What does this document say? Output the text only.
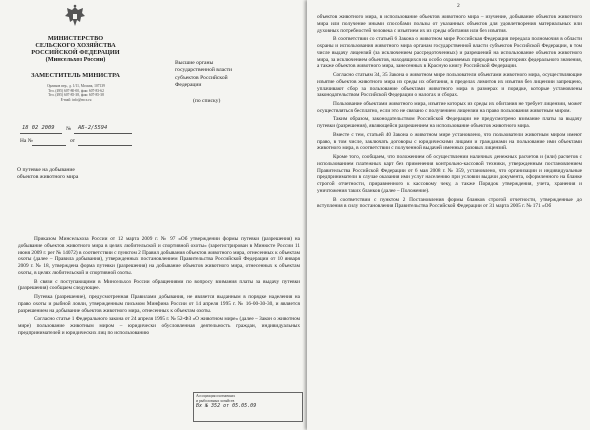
МИНИСТЕРСТВО
СЕЛЬСКОГО ХОЗЯЙСТВА
РОССИЙСКОЙ ФЕДЕРАЦИИ
(Минсельхоз России)
ЗАМЕСТИТЕЛЬ МИНИСТРА
Орликов пер., д. 1/11, Москва, 107139
Тел. (495) 607-80-00, факс 607-83-62
Тел. (495) 607-85-38, факс 607-85-38
E-mail: info@mcx.ru
18 02 2009 № АБ-2/5594
На №	от
Высшие органы
государственной власти
субъектов Российской
Федерации
(по списку)
О путевке на добывание
объектов животного мира

Приказом Минсельхоза России от 12 марта 2009 г. № 97 «Об утверждении формы путевки (разрешения) на добывание объектов животного мира в целях любительской и спортивной охоты» (зарегистрирован в Минюсте России 11 июня 2009 г. рег № 14072) в соответствии с пунктом 2 Правил добывания объектов животного мира, отнесенных к объектам охоты (далее – Правила добывания), утвержденных постановлением Правительства Российской Федерации от 10 января 2009 г. № 18, утверждена форма путевки (разрешения) на добывание объектов животного мира, отнесенных к объектам охоты, в целях любительской и спортивной охоты.

В связи с поступающими в Минсельхоз России обращениями по вопросу взимания платы за выдачу путевки (разрешения) сообщаем следующее.

Путевка (разрешение), предусмотренная Правилами добывания, не является выданным в порядке наделения на право охоты и рыбной ловли, утвержденным письмом Минфина России от 14 апреля 1995 г. № 16-00-30-30, и является разрешением на добывание объектов животного мира, отнесенных к объектам охоты.

Согласно статье 1 Федерального закона от 24 апреля 1995 г. № 52-ФЗ «О животном мире» (далее – Закон о животном мире) пользование животным миром – юридически обусловленная деятельность граждан, индивидуальных предпринимателей и юридических лиц по использованию

Ассоциация охотничьих
и рыболовных хозяйств
Вх № 352 от 05.05.09
2

объектов животного мира, в использование объектов животного мира – изучение, добывание объектов животного мира или получение иными способами пользы от указанных объектов для удовлетворения материальных или духовных потребностей человека с изъятием их из среды обитания или без изъятия.

В соответствии со статьей 6 Закона о животном мире Российская Федерация передала полномочия в области охраны и использования животного мира органам государственной власти субъектов Российской Федерации, в том числе выдачу лицензий (за исключением рассредоточенных) и разрешений на использование объектов животного мира, за исключением объектов, находящихся на особо охраняемых природных территориях федерального значения, а также объектов животного мира, занесенных в Красную книгу Российской Федерации.

Согласно статьям 34, 35 Закона о животном мире пользователи объектами животного мира, осуществляющие изъятие объектов животного мира из среды их обитания, в пределах лимитов их изъятия без лицензии запрещено, уплачивают сбор за пользование объектами животного мира в размерах и порядке, которые установлены законодательством Российской Федерации о налогах и сборах.

Пользование объектами животного мира, изъятие которых из среды их обитания не требует лицензии, может осуществляться бесплатно, если это не связано с получением лицензии на право пользования животным миром.

Таким образом, законодательством Российской Федерации не предусмотрено взимание платы за выдачу путевки (разрешения), являющейся разрешением на использование объектов животного мира.

Вместе с тем, статьей 40 Закона о животном мире установлено, что пользователи животным миром имеют право, в том числе, заключать договоры с юридическими лицами и гражданами на пользование ими объектами животного мира, в соответствии с полученной выдачей именных разовых лицензий.

Кроме того, сообщаем, что положением об осуществлении наличных денежных расчетов и (или) расчетов с использованием платежных карт без применения контрольно-кассовой техники, утвержденным постановлением Правительства Российской Федерации от 6 мая 2008 г. № 359, установлено, что организации и индивидуальные предприниматели в случае оказания ими услуг населению при условии выдачи документа, оформленного на бланке строгой отчетности, приравненного к кассовому чеку, а также Порядок утверждения, учета, хранения и уничтожения таких бланков (далее – Положение).

В соответствии с пунктом 2 Постановления формы бланков строгой отчетности, утвержденные до вступления в силу постановления Правительства Российской Федерации от 31 марта 2005 г. № 171 «Об
